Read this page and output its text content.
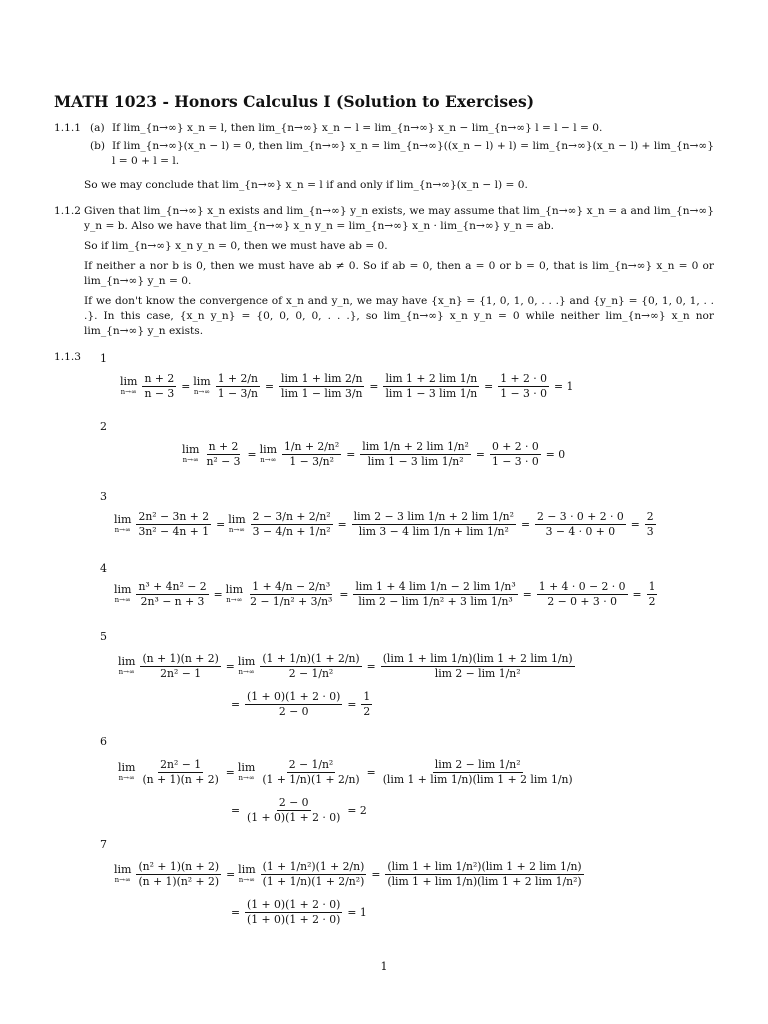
MATH 1023 - Honors Calculus I (Solution to Exercises)
1.1.1 (a) If lim_{n→∞} x_n = l, then lim_{n→∞} x_n − l = lim_{n→∞} x_n − lim_{n→∞} l = l − l = 0.
(b) If lim_{n→∞}(x_n − l) = 0, then lim_{n→∞} x_n = lim_{n→∞}((x_n − l) + l) = lim_{n→∞}(x_n − l) + lim_{n→∞} l = 0 + l = l.
So we may conclude that lim_{n→∞} x_n = l if and only if lim_{n→∞}(x_n − l) = 0.
1.1.2 Given that lim_{n→∞} x_n exists and lim_{n→∞} y_n exists, we may assume that lim_{n→∞} x_n = a and lim_{n→∞} y_n = b. Also we have that lim_{n→∞} x_n y_n = lim_{n→∞} x_n · lim_{n→∞} y_n = ab.
So if lim_{n→∞} x_n y_n = 0, then we must have ab = 0.
If neither a nor b is 0, then we must have ab ≠ 0. So if ab = 0, then a = 0 or b = 0, that is lim_{n→∞} x_n = 0 or lim_{n→∞} y_n = 0.
If we don't know the convergence of x_n and y_n, we may have {x_n} = {1, 0, 1, 0, . . .} and {y_n} = {0, 1, 0, 1, . . .}. In this case, {x_n y_n} = {0, 0, 0, 0, . . .}, so lim_{n→∞} x_n y_n = 0 while neither lim_{n→∞} x_n nor lim_{n→∞} y_n exists.
1.1.3 1
lim
$n\to\infty \frac{n + 2}{n - 3} = \lim$
$n\to\infty \frac{1 + 2/n}{1 - 3/n} = \frac{\lim 1 + \lim 2/n}{\lim 1 - \lim 3/n} = \frac{\lim 1 + 2 \lim 1/n}{\lim 1 - 3 \lim 1/n} = \frac{1 + 2 \cdot 0}{1 - 3 \cdot 0} = 1$
2
lim
$n\to\infty \frac{n + 2}{\text{n² − 3}} = \lim$
$n\to\infty \frac{\text{1/n + 2/n²}}{\text{1 − 3/n²}} = \frac{\text{lim 1/n + 2 lim 1/n²}}{\text{lim 1 − 3 lim 1/n²}} = \frac{0 + 2 \cdot 0}{1 - 3 \cdot 0} = 0$
3
lim
$n\to\infty \frac{\text{2n² − 3n + 2}}{\text{3n² − 4n + 1}} = \lim$
$n\to\infty \frac{\text{2 − 3/n + 2/n²}}{\text{3 − 4/n + 1/n²}} = \frac{\text{lim 2 − 3 lim 1/n + 2 lim 1/n²}}{\text{lim 3 − 4 lim 1/n + lim 1/n²}} = \frac{2 - 3 \cdot 0 + 2 \cdot 0}{3 - 4 \cdot 0 + 0} = \frac{2}{3}$
4
lim
$n\to\infty \frac{\text{n³ + 4n² − 2}}{\text{2n³ − n + 3}} = \lim$
$n\to\infty \frac{\text{1 + 4/n − 2/n³}}{\text{2 − 1/n² + 3/n³}} = \frac{\text{lim 1 + 4 lim 1/n − 2 lim 1/n³}}{\text{lim 2 − lim 1/n² + 3 lim 1/n³}} = \frac{1 + 4 \cdot 0 - 2 \cdot 0}{2 - 0 + 3 \cdot 0} = \frac{1}{2}$
5
lim
$n\to\infty \frac{(n + 1)(n + 2)}{\text{2n² − 1}} = \lim$
$n\to\infty \frac{(1 + 1/n)(1 + 2/n)}{\text{2 − 1/n²}} = \frac{(\lim 1 + \lim 1/n)(\lim 1 + 2 \lim 1/n)}{\text{lim 2 − lim 1/n²}}$
= $\frac{(1 + 0)(1 + 2 \cdot 0)}{2 - 0} = \frac{1}{2}$
6
lim
$n\to\infty \frac{\text{2n² − 1}}{(n + 1)(n + 2)} = \lim$
$n\to\infty \frac{\text{2 − 1/n²}}{(1 + 1/n)(1 + 2/n)} = \frac{\text{lim 2 − lim 1/n²}}{(\lim 1 + \lim 1/n)(\lim 1 + 2 \lim 1/n)}$
= $\frac{2 - 0}{(1 + 0)(1 + 2 \cdot 0)} = 2$
7
lim
$n\to\infty \frac{\text{(n² + 1)(n + 2)}}{\text{(n + 1)(n² + 2)}} = \lim$
$n\to\infty \frac{\text{(1 + 1/n²)(1 + 2/n)}}{\text{(1 + 1/n)(1 + 2/n²)}} = \frac{\text{(lim 1 + lim 1/n²)(lim 1 + 2 lim 1/n)}}{\text{(lim 1 + lim 1/n)(lim 1 + 2 lim 1/n²)}}$
= $\frac{(1 + 0)(1 + 2 \cdot 0)}{(1 + 0)(1 + 2 \cdot 0)} = 1$
1
